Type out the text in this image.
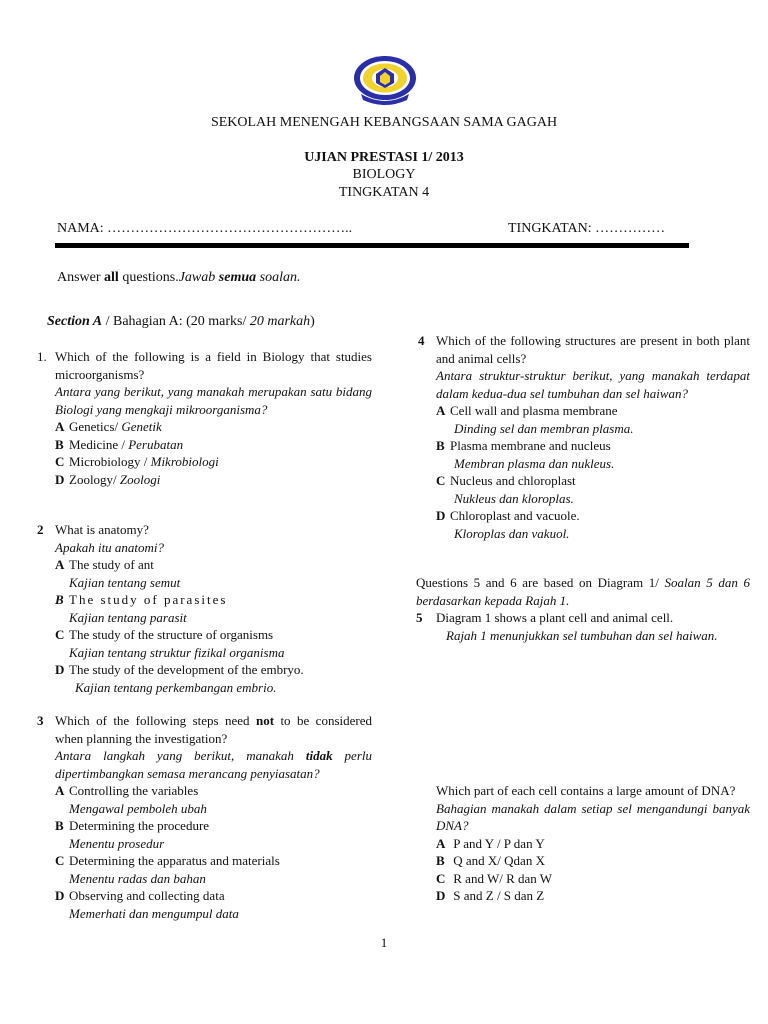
SEKOLAH MENENGAH KEBANGSAAN SAMA GAGAH
UJIAN PRESTASI 1/ 2013
BIOLOGY
TINGKATAN 4
NAMA: ……………………………………………..	TINGKATAN: ……………
Answer all questions.Jawab semua soalan.
Section A / Bahagian A: (20 marks/ 20 markah)
1. Which of the following is a field in Biology that studies microorganisms?

Antara yang berikut, yang manakah merupakan satu bidang Biologi yang mengkaji mikroorganisma?

A Genetics/ Genetik

B Medicine / Perubatan

C Microbiology / Mikrobiologi

D Zoology/ Zoologi

2 What is anatomy?

Apakah itu anatomi?

A The study of ant

Kajian tentang semut

B The study of parasites

Kajian tentang parasit

C The study of the structure of organisms

Kajian tentang struktur fizikal organisma

D The study of the development of the embryo.

Kajian tentang perkembangan embrio.

3 Which of the following steps need not to be considered when planning the investigation?

Antara langkah yang berikut, manakah tidak perlu dipertimbangkan semasa merancang penyiasatan?

A Controlling the variables

Mengawal pemboleh ubah

B Determining the procedure

Menentu prosedur

C Determining the apparatus and materials

Menentu radas dan bahan

D Observing and collecting data

Memerhati dan mengumpul data

4 Which of the following structures are present in both plant and animal cells?

Antara struktur-struktur berikut, yang manakah terdapat dalam kedua-dua sel tumbuhan dan sel haiwan?

A Cell wall and plasma membrane

Dinding sel dan membran plasma.

B Plasma membrane and nucleus

Membran plasma dan nukleus.

C Nucleus and chloroplast

Nukleus dan kloroplas.

D Chloroplast and vacuole.

Kloroplas dan vakuol.

Questions 5 and 6 are based on Diagram 1/ Soalan 5 dan 6 berdasarkan kepada Rajah 1.
5 Diagram 1 shows a plant cell and animal cell.

Rajah 1 menunjukkan sel tumbuhan dan sel haiwan.

Which part of each cell contains a large amount of DNA?

Bahagian manakah dalam setiap sel mengandungi banyak DNA?

A P and Y / P dan Y

B Q and X/ Qdan X

C R and W/ R dan W

D S and Z / S dan Z

1
